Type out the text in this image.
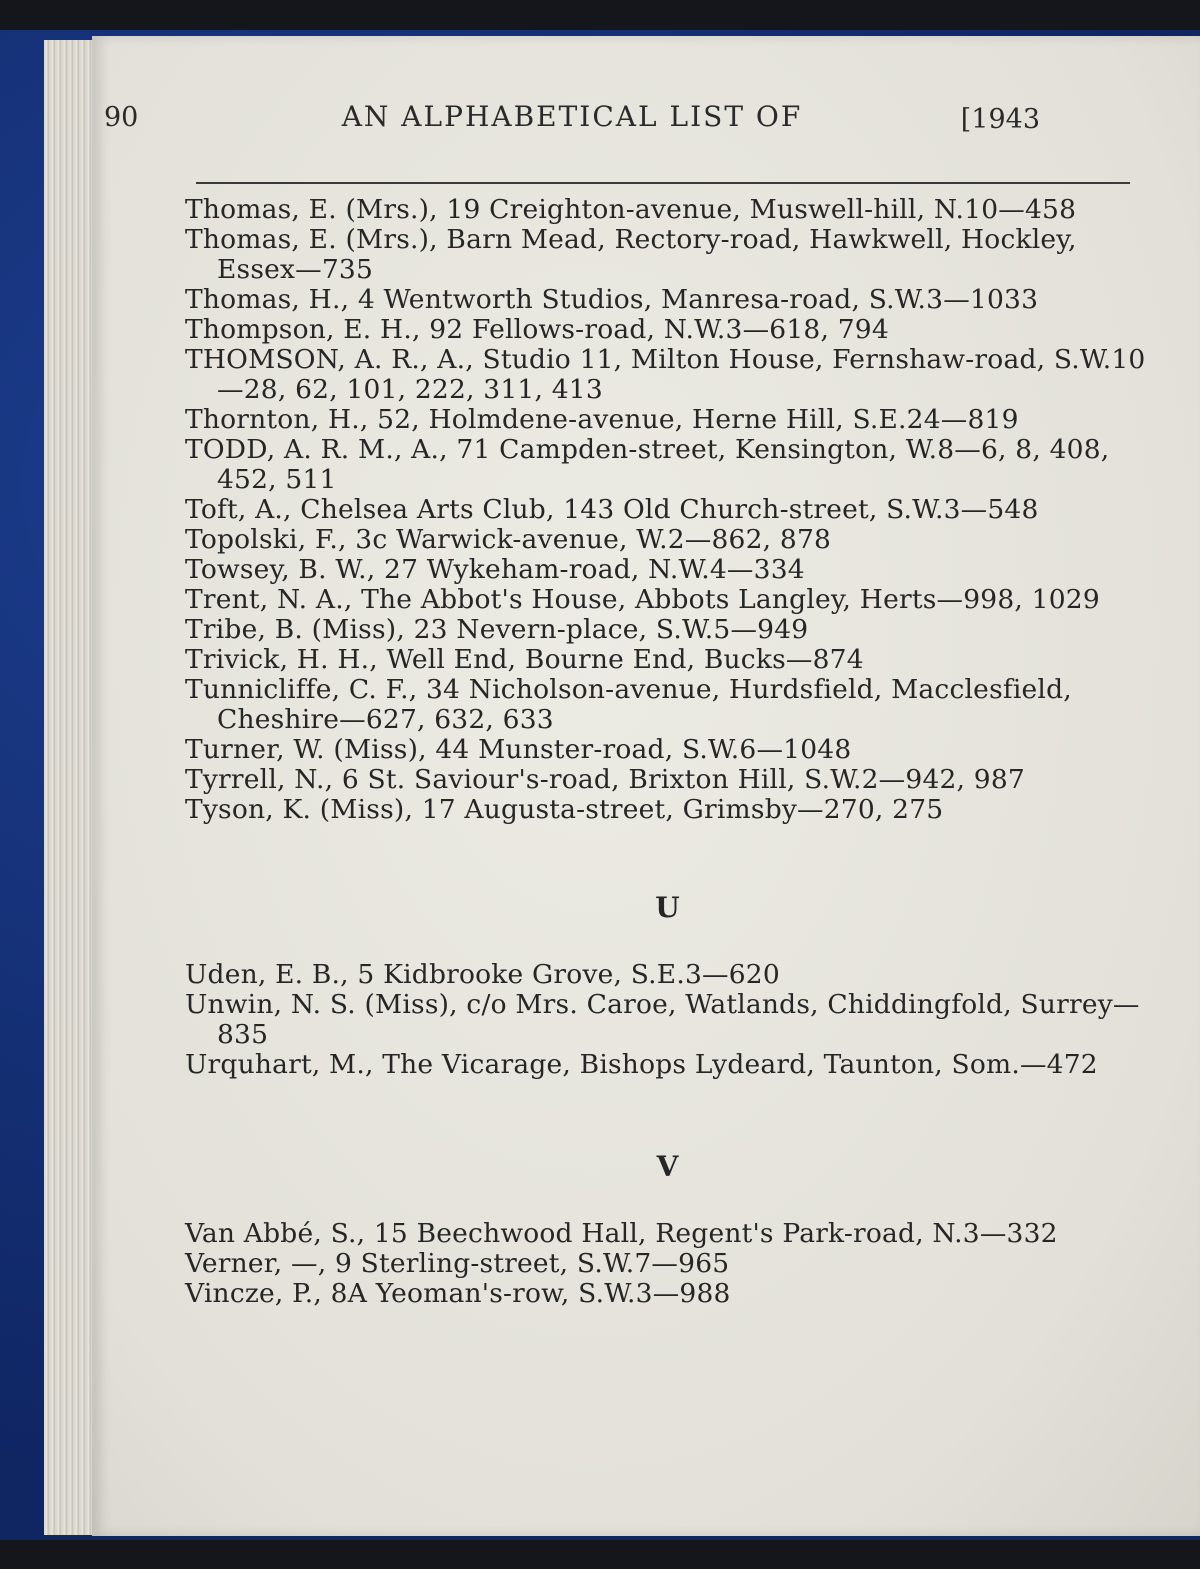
90	AN ALPHABETICAL LIST OF	[1943
Thomas, E. (Mrs.), 19 Creighton-avenue, Muswell-hill, N.10—458
Thomas, E. (Mrs.), Barn Mead, Rectory-road, Hawkwell, Hockley, Essex—735
Thomas, H., 4 Wentworth Studios, Manresa-road, S.W.3—1033
Thompson, E. H., 92 Fellows-road, N.W.3—618, 794
THOMSON, A. R., A., Studio 11, Milton House, Fernshaw-road, S.W.10—28, 62, 101, 222, 311, 413
Thornton, H., 52, Holmdene-avenue, Herne Hill, S.E.24—819
TODD, A. R. M., A., 71 Campden-street, Kensington, W.8—6, 8, 408, 452, 511
Toft, A., Chelsea Arts Club, 143 Old Church-street, S.W.3—548
Topolski, F., 3c Warwick-avenue, W.2—862, 878
Towsey, B. W., 27 Wykeham-road, N.W.4—334
Trent, N. A., The Abbot's House, Abbots Langley, Herts—998, 1029
Tribe, B. (Miss), 23 Nevern-place, S.W.5—949
Trivick, H. H., Well End, Bourne End, Bucks—874
Tunnicliffe, C. F., 34 Nicholson-avenue, Hurdsfield, Macclesfield, Cheshire—627, 632, 633
Turner, W. (Miss), 44 Munster-road, S.W.6—1048
Tyrrell, N., 6 St. Saviour's-road, Brixton Hill, S.W.2—942, 987
Tyson, K. (Miss), 17 Augusta-street, Grimsby—270, 275
U
Uden, E. B., 5 Kidbrooke Grove, S.E.3—620
Unwin, N. S. (Miss), c/o Mrs. Caroe, Watlands, Chiddingfold, Surrey—835
Urquhart, M., The Vicarage, Bishops Lydeard, Taunton, Som.—472
V
Van Abbé, S., 15 Beechwood Hall, Regent's Park-road, N.3—332
Verner, —, 9 Sterling-street, S.W.7—965
Vincze, P., 8A Yeoman's-row, S.W.3—988
